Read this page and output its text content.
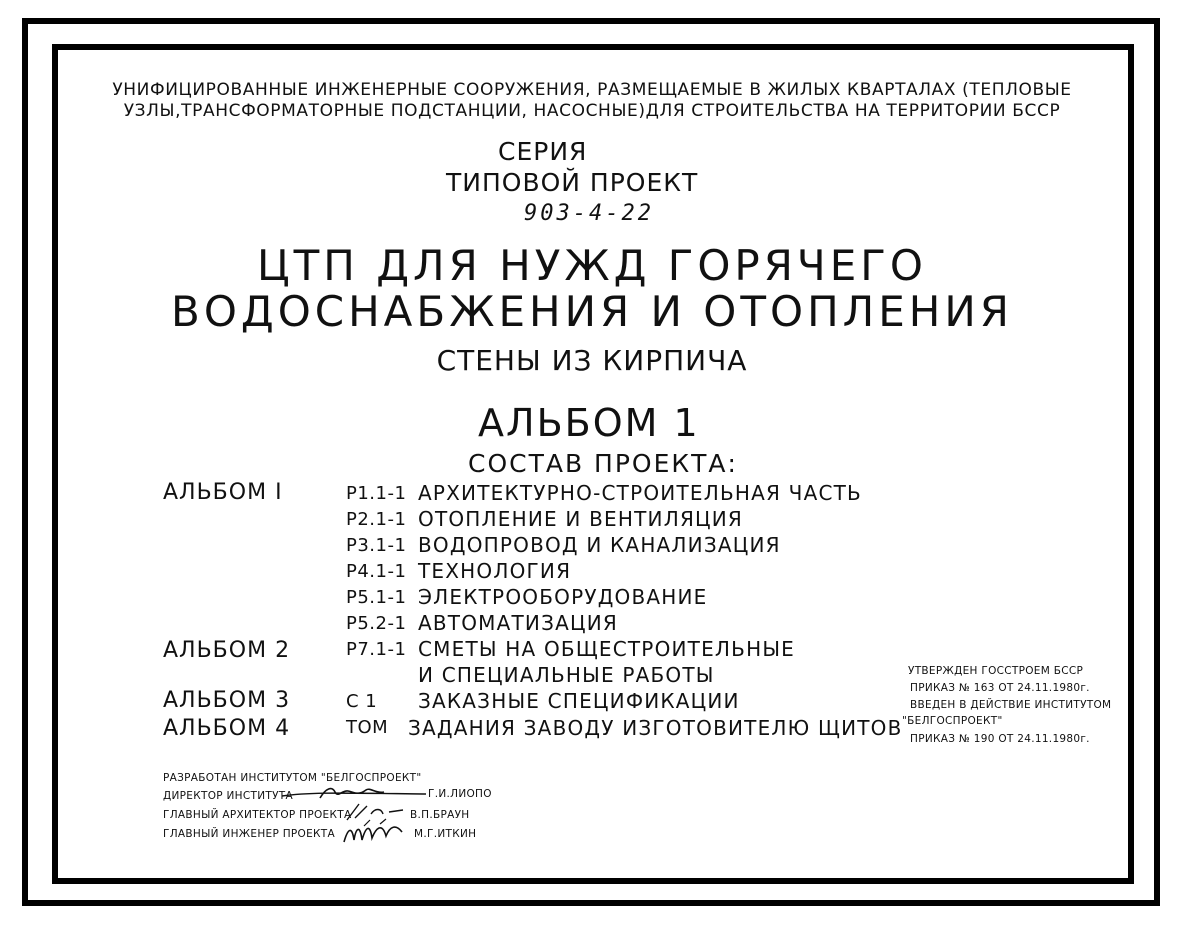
УНИФИЦИРОВАННЫЕ ИНЖЕНЕРНЫЕ СООРУЖЕНИЯ, РАЗМЕЩАЕМЫЕ В ЖИЛЫХ КВАРТАЛАХ (ТЕПЛОВЫЕ
УЗЛЫ,ТРАНСФОРМАТОРНЫЕ ПОДСТАНЦИИ, НАСОСНЫЕ)ДЛЯ СТРОИТЕЛЬСТВА НА ТЕРРИТОРИИ БССР
СЕРИЯ
ТИПОВОЙ ПРОЕКТ
903-4-22
ЦТП ДЛЯ НУЖД ГОРЯЧЕГО
ВОДОСНАБЖЕНИЯ И ОТОПЛЕНИЯ
СТЕНЫ ИЗ КИРПИЧА
АЛЬБОМ 1
СОСТАВ ПРОЕКТА:
АЛЬБОМ I	Р1.1-1 АРХИТЕКТУРНО-СТРОИТЕЛЬНАЯ ЧАСТЬ
Р2.1-1 ОТОПЛЕНИЕ И ВЕНТИЛЯЦИЯ
Р3.1-1 ВОДОПРОВОД И КАНАЛИЗАЦИЯ
Р4.1-1 ТЕХНОЛОГИЯ
Р5.1-1 ЭЛЕКТРООБОРУДОВАНИЕ
Р5.2-1 АВТОМАТИЗАЦИЯ
АЛЬБОМ 2	Р7.1-1 СМЕТЫ НА ОБЩЕСТРОИТЕЛЬНЫЕ
И СПЕЦИАЛЬНЫЕ РАБОТЫ
АЛЬБОМ 3	С 1 ЗАКАЗНЫЕ СПЕЦИФИКАЦИИ
АЛЬБОМ 4	ТОМ ЗАДАНИЯ ЗАВОДУ ИЗГОТОВИТЕЛЮ ЩИТОВ
УТВЕРЖДЕН ГОССТРОЕМ БССР
ПРИКАЗ № 163 ОТ 24.11.1980г.
ВВЕДЕН В ДЕЙСТВИЕ ИНСТИТУТОМ
"БЕЛГОСПРОЕКТ"
ПРИКАЗ № 190 ОТ 24.11.1980г.
РАЗРАБОТАН ИНСТИТУТОМ "БЕЛГОСПРОЕКТ"
ДИРЕКТОР ИНСТИТУТА	Г.И.ЛИОПО
ГЛАВНЫЙ АРХИТЕКТОР ПРОЕКТА	В.П.БРАУН
ГЛАВНЫЙ ИНЖЕНЕР ПРОЕКТА	М.Г.ИТКИН
